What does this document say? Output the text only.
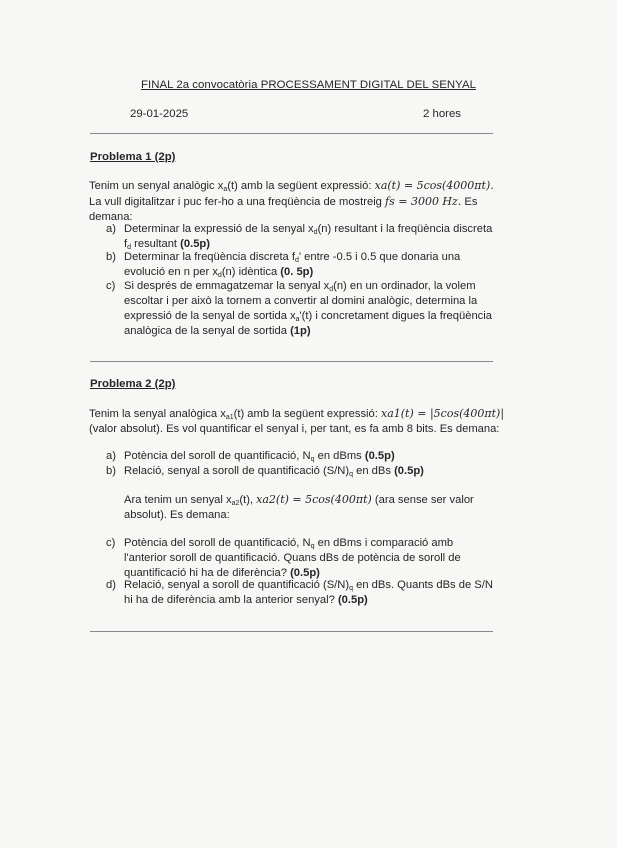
FINAL 2a convocatòria PROCESSAMENT DIGITAL DEL SENYAL
29-01-2025	2 hores
Problema 1 (2p)
Tenim un senyal analògic $x_a(t)$ amb la següent expressió: xa(t) = 5cos(4000πt).
La vull digitalitzar i puc fer-ho a una freqüència de mostreig fs = 3000 Hz. Es
demana:
a) Determinar la expressió de la senyal $x_d(n)$ resultant i la freqüència discreta
$f_d$ resultant (0.5p)
b) Determinar la freqüència discreta $f_d'$ entre -0.5 i 0.5 que donaria una
evolució en n per $x_d(n)$ idèntica (0. 5p)
c) Si després de emmagatzemar la senyal $x_d(n)$ en un ordinador, la volem
escoltar i per això la tornem a convertir al domini analògic, determina la
expressió de la senyal de sortida $x_a'(t)$ i concretament digues la freqüència
analògica de la senyal de sortida (1p)
Problema 2 (2p)
Tenim la senyal analògica $x_{a1}(t)$ amb la següent expressió: xa1(t) = |5cos(400πt)|
(valor absolut). Es vol quantificar el senyal i, per tant, es fa amb 8 bits. Es demana:
a) Potència del soroll de quantificació, $N_q$ en dBms (0.5p)
b) Relació, senyal a soroll de quantificació $(S/N)_q$ en dBs (0.5p)
Ara tenim un senyal $x_{a2}(t)$, xa2(t) = 5cos(400πt) (ara sense ser valor
absolut). Es demana:
c) Potència del soroll de quantificació, $N_q$ en dBms i comparació amb
l'anterior soroll de quantificació. Quans dBs de potència de soroll de
quantificació hi ha de diferència? (0.5p)
d) Relació, senyal a soroll de quantificació $(S/N)_q$ en dBs. Quants dBs de S/N
hi ha de diferència amb la anterior senyal? (0.5p)
